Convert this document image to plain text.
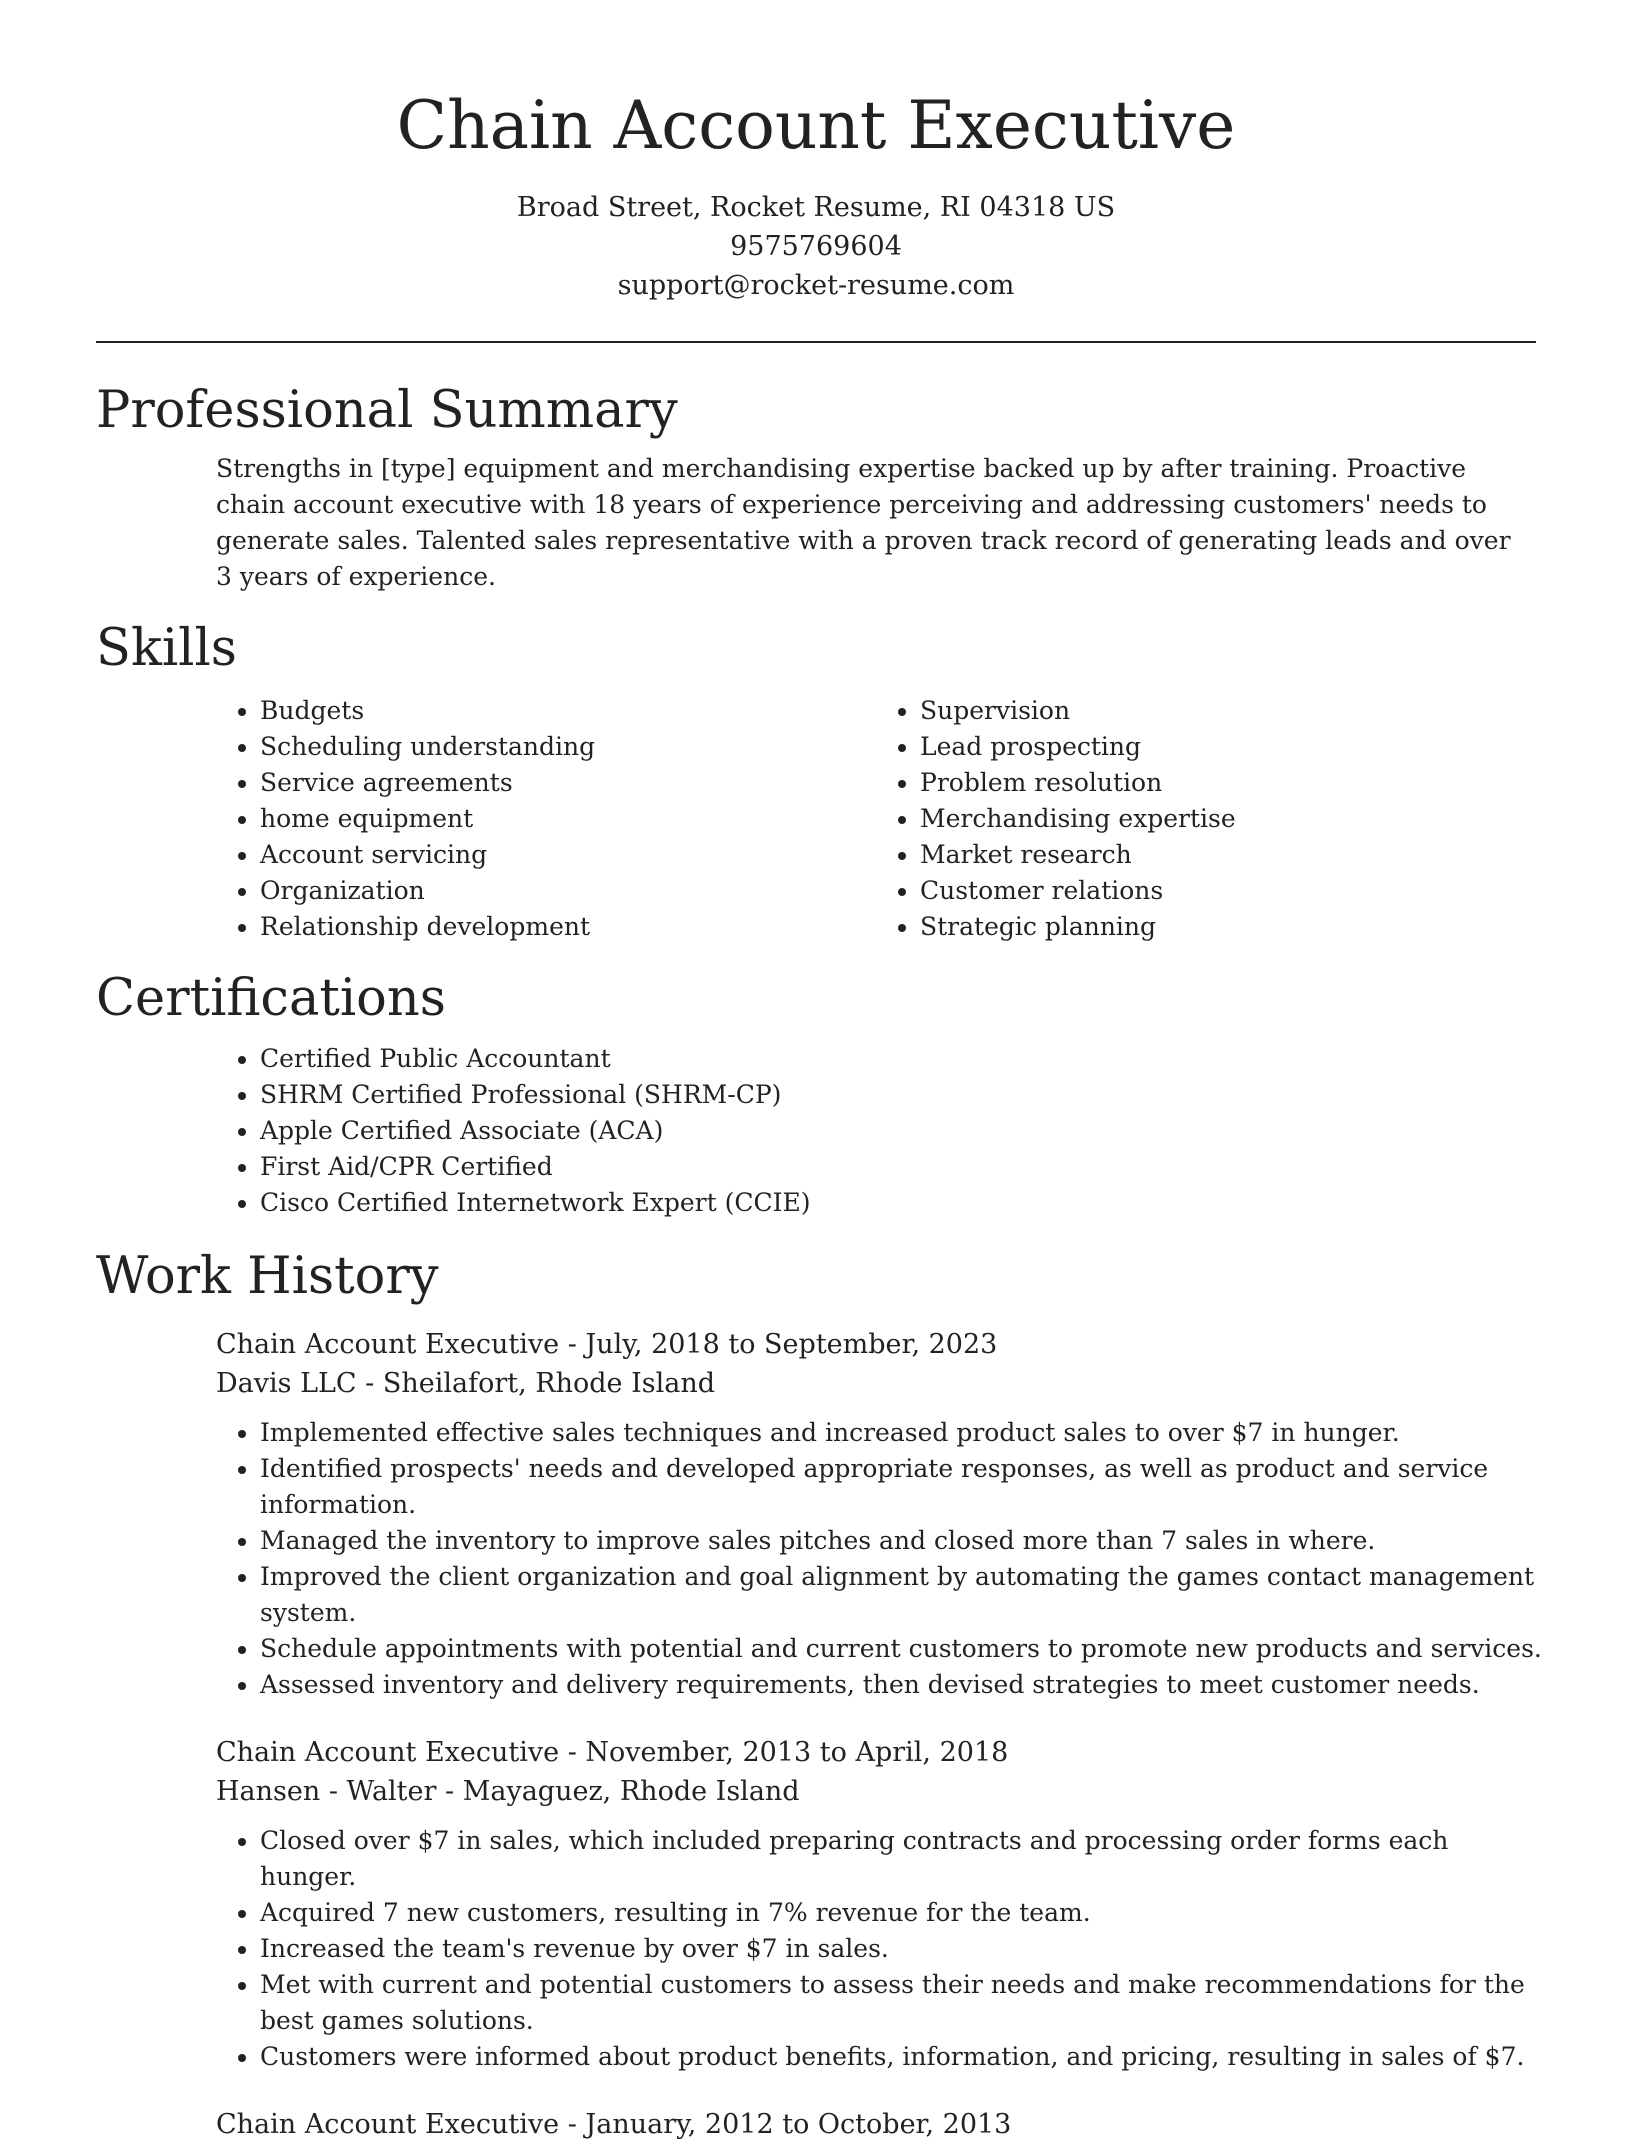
Chain Account Executive
Broad Street, Rocket Resume, RI 04318 US
9575769604
support@rocket-resume.com
Professional Summary

Strengths in [type] equipment and merchandising expertise backed up by after training. Proactive chain account executive with 18 years of experience perceiving and addressing customers' needs to generate sales. Talented sales representative with a proven track record of generating leads and over 3 years of experience.

Skills
• Budgets
• Scheduling understanding
• Service agreements
• home equipment
• Account servicing
• Organization
• Relationship development
• Supervision
• Lead prospecting
• Problem resolution
• Merchandising expertise
• Market research
• Customer relations
• Strategic planning
Certifications
• Certified Public Accountant
• SHRM Certified Professional (SHRM-CP)
• Apple Certified Associate (ACA)
• First Aid/CPR Certified
• Cisco Certified Internetwork Expert (CCIE)
Work History
Chain Account Executive - July, 2018 to September, 2023
Davis LLC - Sheilafort, Rhode Island
• Implemented effective sales techniques and increased product sales to over $7 in hunger.
• Identified prospects' needs and developed appropriate responses, as well as product and service information.
• Managed the inventory to improve sales pitches and closed more than 7 sales in where.
• Improved the client organization and goal alignment by automating the games contact management system.
• Schedule appointments with potential and current customers to promote new products and services.
• Assessed inventory and delivery requirements, then devised strategies to meet customer needs.
Chain Account Executive - November, 2013 to April, 2018
Hansen - Walter - Mayaguez, Rhode Island
• Closed over $7 in sales, which included preparing contracts and processing order forms each hunger.
• Acquired 7 new customers, resulting in 7% revenue for the team.
• Increased the team's revenue by over $7 in sales.
• Met with current and potential customers to assess their needs and make recommendations for the best games solutions.
• Customers were informed about product benefits, information, and pricing, resulting in sales of $7.
Chain Account Executive - January, 2012 to October, 2013
